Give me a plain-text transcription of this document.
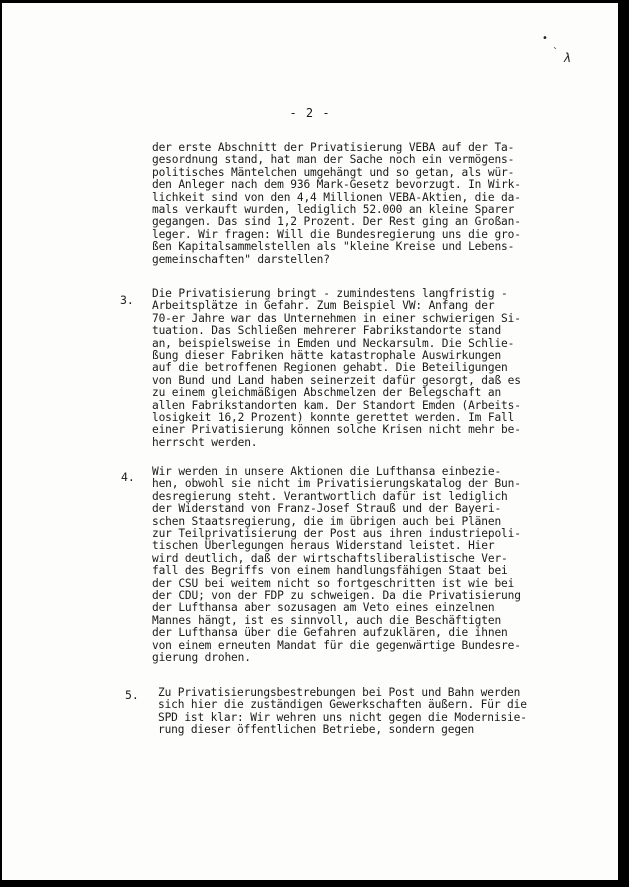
•
` λ
- 2 -
der erste Abschnitt der Privatisierung VEBA auf der Ta-
gesordnung stand, hat man der Sache noch ein vermögens-
politisches Mäntelchen umgehängt und so getan, als wür-
den Anleger nach dem 936 Mark-Gesetz bevorzugt. In Wirk-
lichkeit sind von den 4,4 Millionen VEBA-Aktien, die da-
mals verkauft wurden, lediglich 52.000 an kleine Sparer
gegangen. Das sind 1,2 Prozent. Der Rest ging an Großan-
leger. Wir fragen: Will die Bundesregierung uns die gro-
ßen Kapitalsammelstellen als "kleine Kreise und Lebens-
gemeinschaften" darstellen?
3. Die Privatisierung bringt - zumindestens langfristig -
Arbeitsplätze in Gefahr. Zum Beispiel VW: Anfang der
70-er Jahre war das Unternehmen in einer schwierigen Si-
tuation. Das Schließen mehrerer Fabrikstandorte stand
an, beispielsweise in Emden und Neckarsulm. Die Schlie-
ßung dieser Fabriken hätte katastrophale Auswirkungen
auf die betroffenen Regionen gehabt. Die Beteiligungen
von Bund und Land haben seinerzeit dafür gesorgt, daß es
zu einem gleichmäßigen Abschmelzen der Belegschaft an
allen Fabrikstandorten kam. Der Standort Emden (Arbeits-
losigkeit 16,2 Prozent) konnte gerettet werden. Im Fall
einer Privatisierung können solche Krisen nicht mehr be-
herrscht werden.
4. Wir werden in unsere Aktionen die Lufthansa einbezie-
hen, obwohl sie nicht im Privatisierungskatalog der Bun-
desregierung steht. Verantwortlich dafür ist lediglich
der Widerstand von Franz-Josef Strauß und der Bayeri-
schen Staatsregierung, die im übrigen auch bei Plänen
zur Teilprivatisierung der Post aus ihren industriepoli-
tischen Überlegungen heraus Widerstand leistet. Hier
wird deutlich, daß der wirtschaftsliberalistische Ver-
fall des Begriffs von einem handlungsfähigen Staat bei
der CSU bei weitem nicht so fortgeschritten ist wie bei
der CDU; von der FDP zu schweigen. Da die Privatisierung
der Lufthansa aber sozusagen am Veto eines einzelnen
Mannes hängt, ist es sinnvoll, auch die Beschäftigten
der Lufthansa über die Gefahren aufzuklären, die ihnen
von einem erneuten Mandat für die gegenwärtige Bundesre-
gierung drohen.
5. Zu Privatisierungsbestrebungen bei Post und Bahn werden
sich hier die zuständigen Gewerkschaften äußern. Für die
SPD ist klar: Wir wehren uns nicht gegen die Modernisie-
rung dieser öffentlichen Betriebe, sondern gegen
